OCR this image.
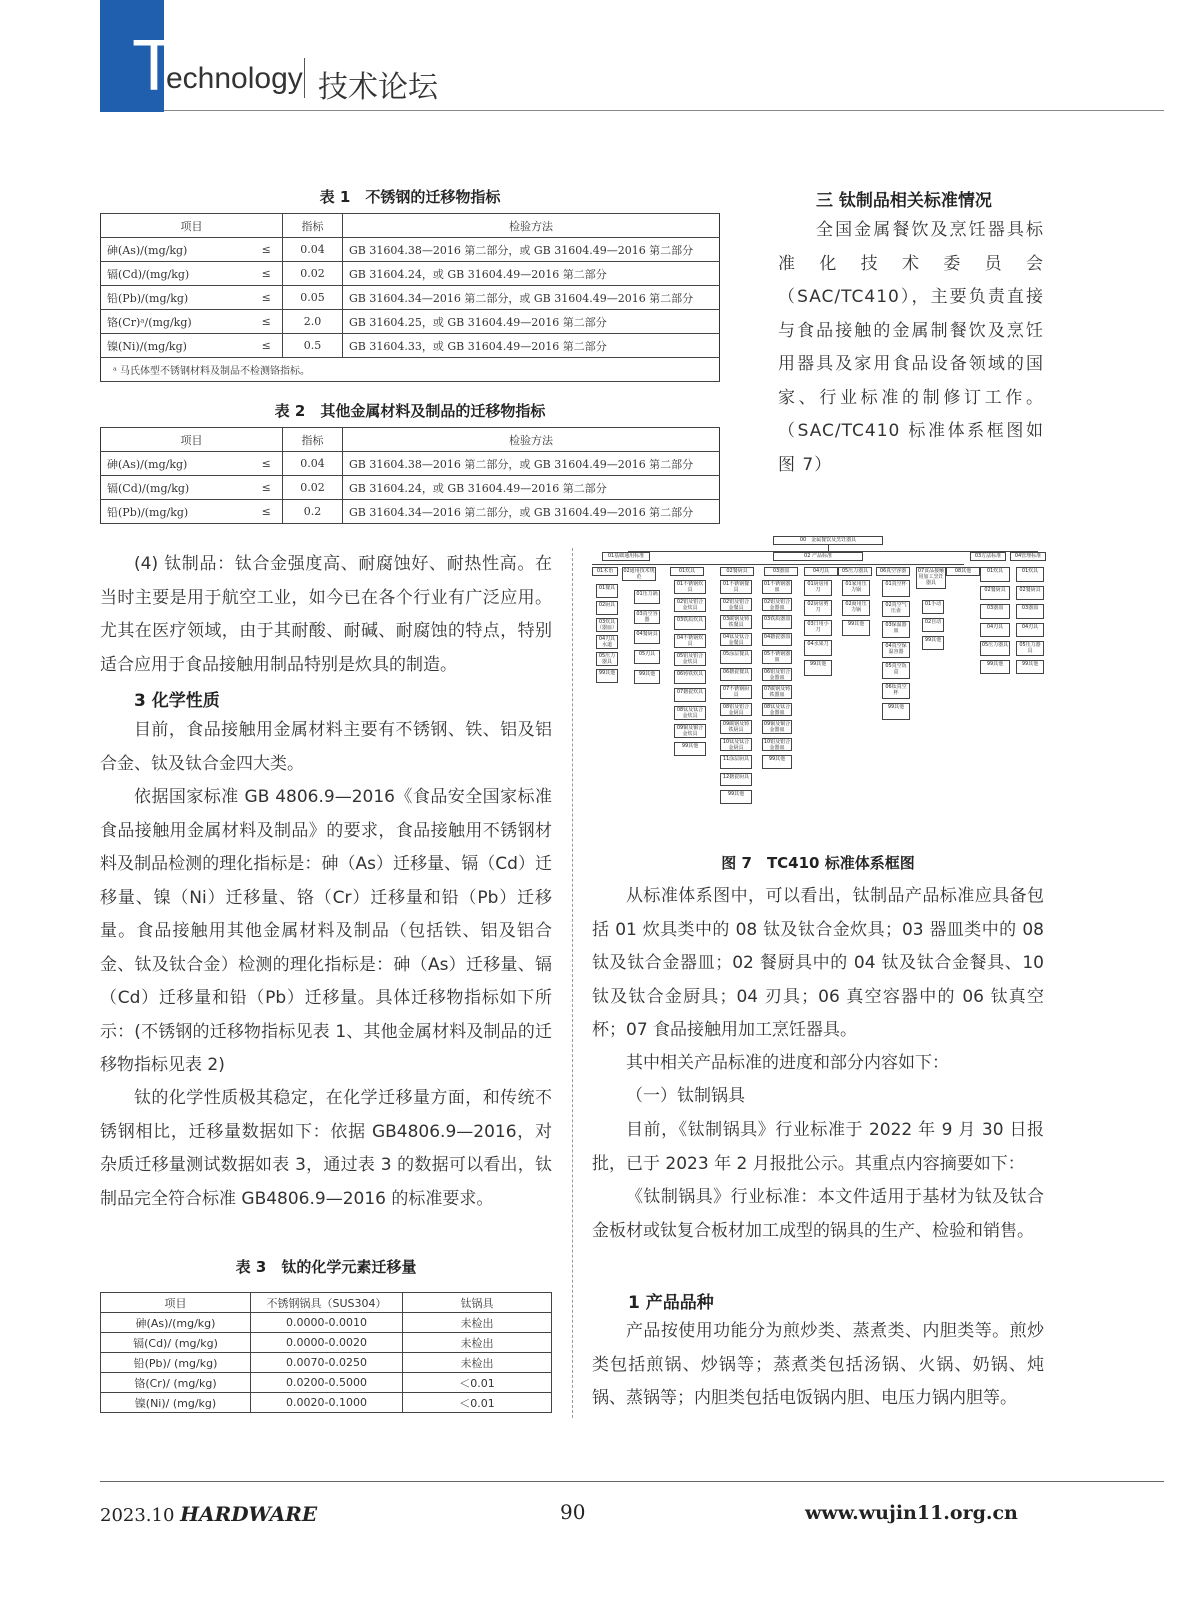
T
echnology 技术论坛
表 1　不锈钢的迁移物指标
项目		指标	检验方法
砷(As)/(mg/kg)	≤	0.04	GB 31604.38—2016 第二部分，或 GB 31604.49—2016 第二部分
镉(Cd)/(mg/kg)	≤	0.02	GB 31604.24，或 GB 31604.49—2016 第二部分
铅(Pb)/(mg/kg)	≤	0.05	GB 31604.34—2016 第二部分，或 GB 31604.49—2016 第二部分
铬(Cr)ᵃ/(mg/kg)	≤	2.0	GB 31604.25，或 GB 31604.49—2016 第二部分
镍(Ni)/(mg/kg)	≤	0.5	GB 31604.33，或 GB 31604.49—2016 第二部分
ᵃ 马氏体型不锈钢材料及制品不检测铬指标。			
表 2　其他金属材料及制品的迁移物指标
项目		指标	检验方法
砷(As)/(mg/kg)	≤	0.04	GB 31604.38—2016 第二部分，或 GB 31604.49—2016 第二部分
镉(Cd)/(mg/kg)	≤	0.02	GB 31604.24，或 GB 31604.49—2016 第二部分
铅(Pb)/(mg/kg)	≤	0.2	GB 31604.34—2016 第二部分，或 GB 31604.49—2016 第二部分
(4) 钛制品：钛合金强度高、耐腐蚀好、耐热性高。在当时主要是用于航空工业，如今已在各个行业有广泛应用。尤其在医疗领域，由于其耐酸、耐碱、耐腐蚀的特点，特别适合应用于食品接触用制品特别是炊具的制造。
3 化学性质
目前，食品接触用金属材料主要有不锈钢、铁、铝及铝合金、钛及钛合金四大类。
依据国家标准 GB 4806.9—2016《食品安全国家标准 食品接触用金属材料及制品》的要求，食品接触用不锈钢材料及制品检测的理化指标是：砷（As）迁移量、镉（Cd）迁移量、镍（Ni）迁移量、铬（Cr）迁移量和铅（Pb）迁移量。食品接触用其他金属材料及制品（包括铁、铝及铝合金、钛及钛合金）检测的理化指标是：砷（As）迁移量、镉（Cd）迁移量和铅（Pb）迁移量。具体迁移物指标如下所示：(不锈钢的迁移物指标见表 1、其他金属材料及制品的迁移物指标见表 2)
钛的化学性质极其稳定，在化学迁移量方面，和传统不锈钢相比，迁移量数据如下：依据 GB4806.9—2016，对杂质迁移量测试数据如表 3，通过表 3 的数据可以看出，钛制品完全符合标准 GB4806.9—2016 的标准要求。
表 3　钛的化学元素迁移量
项目	不锈钢锅具（SUS304）	钛锅具
砷(As)/(mg/kg)	0.0000-0.0010	未检出
镉(Cd)/ (mg/kg)	0.0000-0.0020	未检出
铅(Pb)/ (mg/kg)	0.0070-0.0250	未检出
铬(Cr)/ (mg/kg)	0.0200-0.5000	＜0.01
镍(Ni)/ (mg/kg)	0.0020-0.1000	＜0.01
三 钛制品相关标准情况
全国金属餐饮及烹饪器具标准化技术委员会（SAC/TC410），主要负责直接与食品接触的金属制餐饮及烹饪用器具及家用食品设备领域的国家、行业标准的制修订工作。（SAC/TC410 标准体系框图如图 7）
00　金属餐饮及烹饪器具
01基础通用标准	02 产品标准	03方法标准	04管理标准
01术语	02通用技术规范
01餐具
02厨具
03炊具（器皿）
04刃具水道
05压力器具
99其他
01压力锅
03真空容器
04餐厨具
05刃具
99其他
01炊具	02餐厨具	03器皿	04刃具	05压力器具	06真空容器	07食品接触用加工烹饪器具
08其他
01不锈钢炊具
02铝及铝合金炊具
03铁质炊具
04不锈钢炊具
05铝及铝合金炊具
06铸铁炊具
07搪瓷炊具
08钛及钛合金炊具
09铜及铜合金炊具
99其他
01不锈钢餐具
02铝及铝合金餐具
03碳钢及铸铁餐具
04钛及钛合金餐具
05涂层餐具
06搪瓷餐具
07不锈钢厨具
08铝及铝合金厨具
09碳钢及铸铁厨具
10钛及钛合金厨具
11涂层厨具
12搪瓷厨具
99其他
01不锈钢器皿
02铝及铝合金器皿
03铁质器皿
04搪瓷器皿
05不锈钢器皿
06铝及铝合金器皿
07碳钢及铸铁器皿
08钛及钛合金器皿
09铜及铜合金器皿
10铝及铝合金器皿
99其他
01厨房用刀
02厨房剪刀
03日用小刀
04水果刀
99其他
01家用压力锅
02商用压力锅
99其他
01真空杯
02真空气压壶
03保温器皿
04真空保温容器
05真空饭盒
06钛真空杯
99其他
01手动
02自动
99其他
01炊具
02餐厨具
03器皿
04刃具
05压力器具
99其他
01炊具
02餐厨具
03器皿
04刃具
05压力器具
99其他
图 7　TC410 标准体系框图
从标准体系图中，可以看出，钛制品产品标准应具备包括 01 炊具类中的 08 钛及钛合金炊具；03 器皿类中的 08 钛及钛合金器皿；02 餐厨具中的 04 钛及钛合金餐具、10 钛及钛合金厨具；04 刃具；06 真空容器中的 06 钛真空杯；07 食品接触用加工烹饪器具。
其中相关产品标准的进度和部分内容如下：
（一）钛制锅具
目前，《钛制锅具》行业标准于 2022 年 9 月 30 日报批，已于 2023 年 2 月报批公示。其重点内容摘要如下：
《钛制锅具》行业标准：本文件适用于基材为钛及钛合金板材或钛复合板材加工成型的锅具的生产、检验和销售。
1 产品品种
产品按使用功能分为煎炒类、蒸煮类、内胆类等。煎炒类包括煎锅、炒锅等；蒸煮类包括汤锅、火锅、奶锅、炖锅、蒸锅等；内胆类包括电饭锅内胆、电压力锅内胆等。
2023.10 HARDWARE	90	www.wujin11.org.cn
